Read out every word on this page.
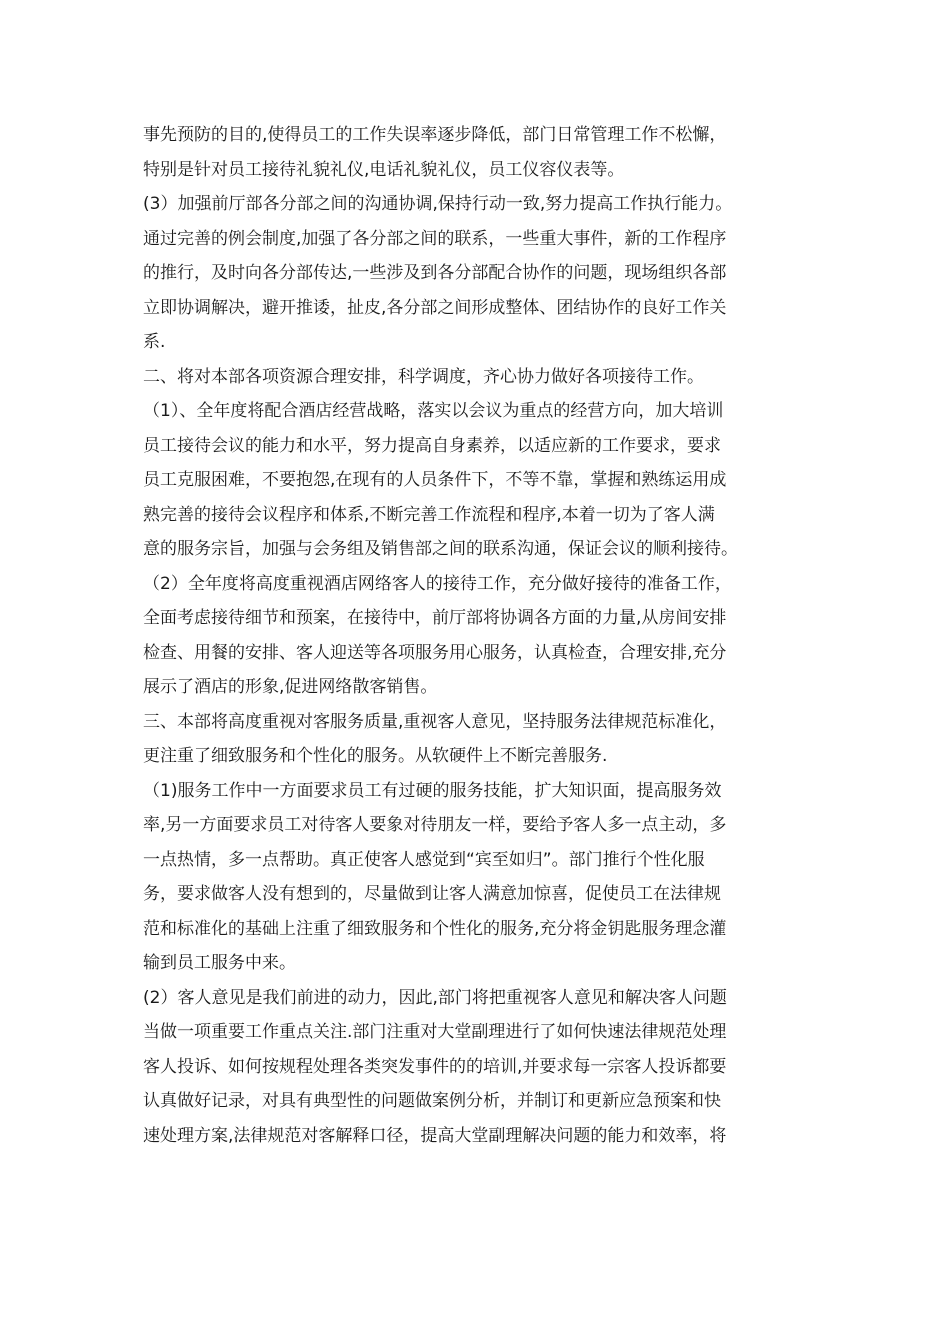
事先预防的目的,使得员工的工作失误率逐步降低，部门日常管理工作不松懈，
特别是针对员工接待礼貌礼仪,电话礼貌礼仪，员工仪容仪表等。
(3）加强前厅部各分部之间的沟通协调,保持行动一致,努力提高工作执行能力。
通过完善的例会制度,加强了各分部之间的联系，一些重大事件，新的工作程序
的推行，及时向各分部传达,一些涉及到各分部配合协作的问题，现场组织各部
立即协调解决，避开推诿，扯皮,各分部之间形成整体、团结协作的良好工作关
系.
二、将对本部各项资源合理安排，科学调度，齐心协力做好各项接待工作。
（1）、全年度将配合酒店经营战略，落实以会议为重点的经营方向，加大培训
员工接待会议的能力和水平，努力提高自身素养，以适应新的工作要求，要求
员工克服困难，不要抱怨,在现有的人员条件下，不等不靠，掌握和熟练运用成
熟完善的接待会议程序和体系,不断完善工作流程和程序,本着一切为了客人满
意的服务宗旨，加强与会务组及销售部之间的联系沟通，保证会议的顺利接待。
（2）全年度将高度重视酒店网络客人的接待工作，充分做好接待的准备工作，
全面考虑接待细节和预案，在接待中，前厅部将协调各方面的力量,从房间安排
检查、用餐的安排、客人迎送等各项服务用心服务，认真检查，合理安排,充分
展示了酒店的形象,促进网络散客销售。
三、本部将高度重视对客服务质量,重视客人意见，坚持服务法律规范标准化，
更注重了细致服务和个性化的服务。从软硬件上不断完善服务.
（1)服务工作中一方面要求员工有过硬的服务技能，扩大知识面，提高服务效
率,另一方面要求员工对待客人要象对待朋友一样，要给予客人多一点主动，多
一点热情，多一点帮助。真正使客人感觉到“宾至如归”。部门推行个性化服
务，要求做客人没有想到的，尽量做到让客人满意加惊喜，促使员工在法律规
范和标准化的基础上注重了细致服务和个性化的服务,充分将金钥匙服务理念灌
输到员工服务中来。
(2）客人意见是我们前进的动力，因此,部门将把重视客人意见和解决客人问题
当做一项重要工作重点关注.部门注重对大堂副理进行了如何快速法律规范处理
客人投诉、如何按规程处理各类突发事件的的培训,并要求每一宗客人投诉都要
认真做好记录，对具有典型性的问题做案例分析，并制订和更新应急预案和快
速处理方案,法律规范对客解释口径，提高大堂副理解决问题的能力和效率，将
